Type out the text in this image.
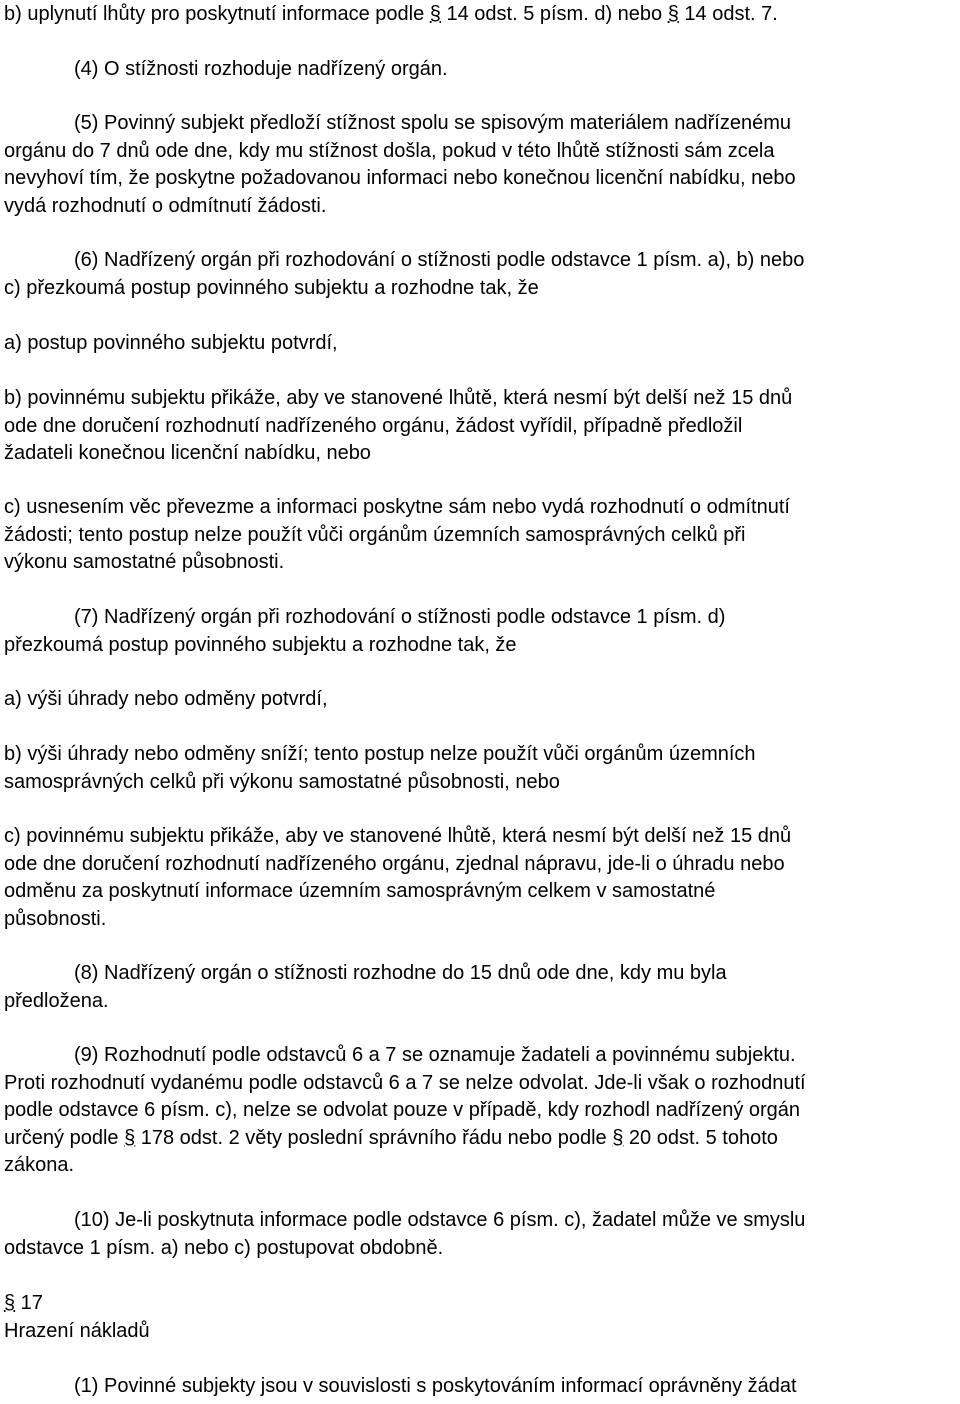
b) uplynutí lhůty pro poskytnutí informace podle § 14 odst. 5 písm. d) nebo § 14 odst. 7.

(4) O stížnosti rozhoduje nadřízený orgán.

(5) Povinný subjekt předloží stížnost spolu se spisovým materiálem nadřízenému
orgánu do 7 dnů ode dne, kdy mu stížnost došla, pokud v této lhůtě stížnosti sám zcela
nevyhoví tím, že poskytne požadovanou informaci nebo konečnou licenční nabídku, nebo
vydá rozhodnutí o odmítnutí žádosti.

(6) Nadřízený orgán při rozhodování o stížnosti podle odstavce 1 písm. a), b) nebo
c) přezkoumá postup povinného subjektu a rozhodne tak, že

a) postup povinného subjektu potvrdí,

b) povinnému subjektu přikáže, aby ve stanovené lhůtě, která nesmí být delší než 15 dnů
ode dne doručení rozhodnutí nadřízeného orgánu, žádost vyřídil, případně předložil
žadateli konečnou licenční nabídku, nebo

c) usnesením věc převezme a informaci poskytne sám nebo vydá rozhodnutí o odmítnutí
žádosti; tento postup nelze použít vůči orgánům územních samosprávných celků při
výkonu samostatné působnosti.

(7) Nadřízený orgán při rozhodování o stížnosti podle odstavce 1 písm. d)
přezkoumá postup povinného subjektu a rozhodne tak, že

a) výši úhrady nebo odměny potvrdí,

b) výši úhrady nebo odměny sníží; tento postup nelze použít vůči orgánům územních
samosprávných celků při výkonu samostatné působnosti, nebo

c) povinnému subjektu přikáže, aby ve stanovené lhůtě, která nesmí být delší než 15 dnů
ode dne doručení rozhodnutí nadřízeného orgánu, zjednal nápravu, jde-li o úhradu nebo
odměnu za poskytnutí informace územním samosprávným celkem v samostatné
působnosti.

(8) Nadřízený orgán o stížnosti rozhodne do 15 dnů ode dne, kdy mu byla
předložena.

(9) Rozhodnutí podle odstavců 6 a 7 se oznamuje žadateli a povinnému subjektu.
Proti rozhodnutí vydanému podle odstavců 6 a 7 se nelze odvolat. Jde-li však o rozhodnutí
podle odstavce 6 písm. c), nelze se odvolat pouze v případě, kdy rozhodl nadřízený orgán
určený podle § 178 odst. 2 věty poslední správního řádu nebo podle § 20 odst. 5 tohoto
zákona.

(10) Je-li poskytnuta informace podle odstavce 6 písm. c), žadatel může ve smyslu
odstavce 1 písm. a) nebo c) postupovat obdobně.

§ 17
Hrazení nákladů

(1) Povinné subjekty jsou v souvislosti s poskytováním informací oprávněny žádat
